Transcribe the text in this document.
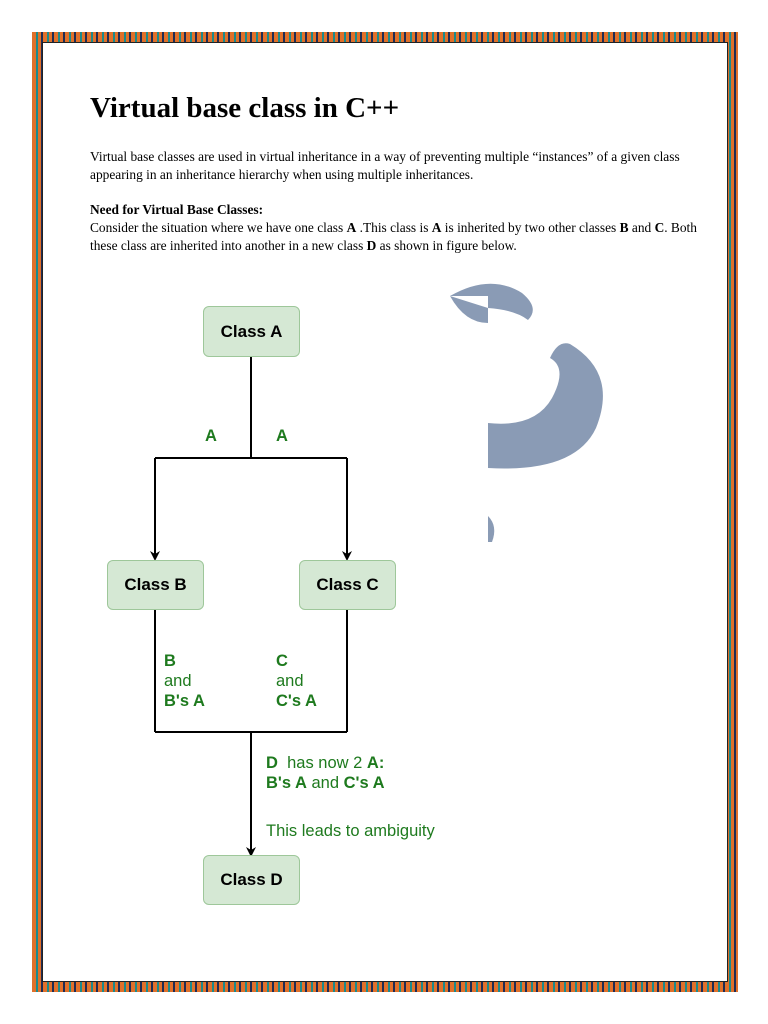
Virtual base class in C++

Virtual base classes are used in virtual inheritance in a way of preventing multiple “instances” of a given class appearing in an inheritance hierarchy when using multiple inheritances.

Need for Virtual Base Classes:
Consider the situation where we have one class A .This class is A is inherited by two other classes B and C. Both these class are inherited into another in a new class D as shown in figure below.

Class A
Class B	Class C
Class D
A	A
B
and
B's A
C
and
C's A
D  has now 2 A:
B's A and C's A
This leads to ambiguity
